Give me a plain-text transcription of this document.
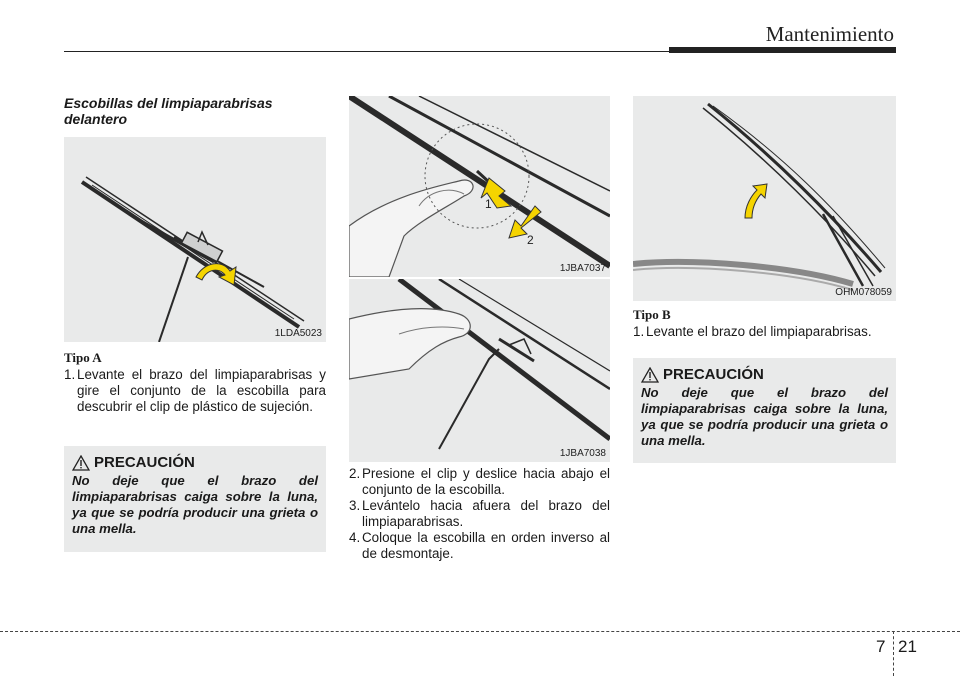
Mantenimiento
Escobillas del limpiaparabrisas delantero
1LDA5023
1
2
1JBA7037
1JBA7038
OHM078059
Tipo A
1. Levante el brazo del limpiaparabrisas y gire el conjunto de la escobilla para descubrir el clip de plástico de sujeción.
PRECAUCIÓN
No deje que el brazo del limpiaparabrisas caiga sobre la luna, ya que se podría producir una grieta o una mella.
2. Presione el clip y deslice hacia abajo el conjunto de la escobilla.
3. Levántelo hacia afuera del brazo del limpiaparabrisas.
4. Coloque la escobilla en orden inverso al de desmontaje.
Tipo B
1. Levante el brazo del limpiaparabrisas.
PRECAUCIÓN
No deje que el brazo del limpiaparabrisas caiga sobre la luna, ya que se podría producir una grieta o una mella.
7 21
